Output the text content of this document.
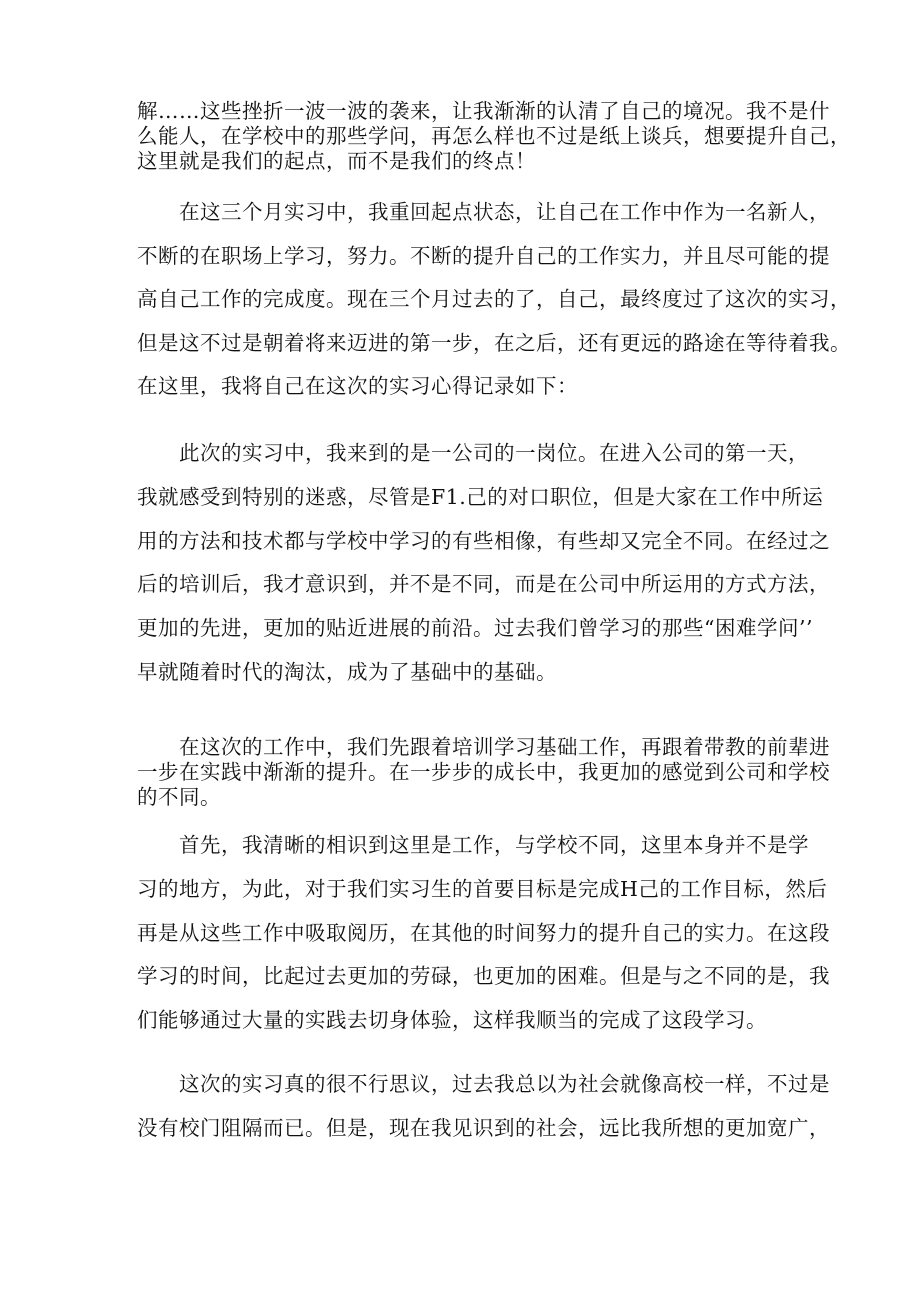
解……这些挫折一波一波的袭来，让我渐渐的认清了自己的境况。我不是什
么能人，在学校中的那些学问，再怎么样也不过是纸上谈兵，想要提升自己，
这里就是我们的起点，而不是我们的终点！

　　在这三个月实习中，我重回起点状态，让自己在工作中作为一名新人，
不断的在职场上学习，努力。不断的提升自己的工作实力，并且尽可能的提
高自己工作的完成度。现在三个月过去的了，自己，最终度过了这次的实习，
但是这不过是朝着将来迈进的第一步，在之后，还有更远的路途在等待着我。
在这里，我将自己在这次的实习心得记录如下：

　　此次的实习中，我来到的是一公司的一岗位。在进入公司的第一天，
我就感受到特别的迷惑，尽管是F1.己的对口职位，但是大家在工作中所运
用的方法和技术都与学校中学习的有些相像，有些却又完全不同。在经过之
后的培训后，我才意识到，并不是不同，而是在公司中所运用的方式方法，
更加的先进，更加的贴近进展的前沿。过去我们曾学习的那些“困难学问’’
早就随着时代的淘汰，成为了基础中的基础。

　　在这次的工作中，我们先跟着培训学习基础工作，再跟着带教的前辈进
一步在实践中渐渐的提升。在一步步的成长中，我更加的感觉到公司和学校
的不同。

　　首先，我清晰的相识到这里是工作，与学校不同，这里本身并不是学
习的地方，为此，对于我们实习生的首要目标是完成H己的工作目标，然后
再是从这些工作中吸取阅历，在其他的时间努力的提升自己的实力。在这段
学习的时间，比起过去更加的劳碌，也更加的困难。但是与之不同的是，我
们能够通过大量的实践去切身体验，这样我顺当的完成了这段学习。

　　这次的实习真的很不行思议，过去我总以为社会就像高校一样，不过是
没有校门阻隔而已。但是，现在我见识到的社会，远比我所想的更加宽广，
